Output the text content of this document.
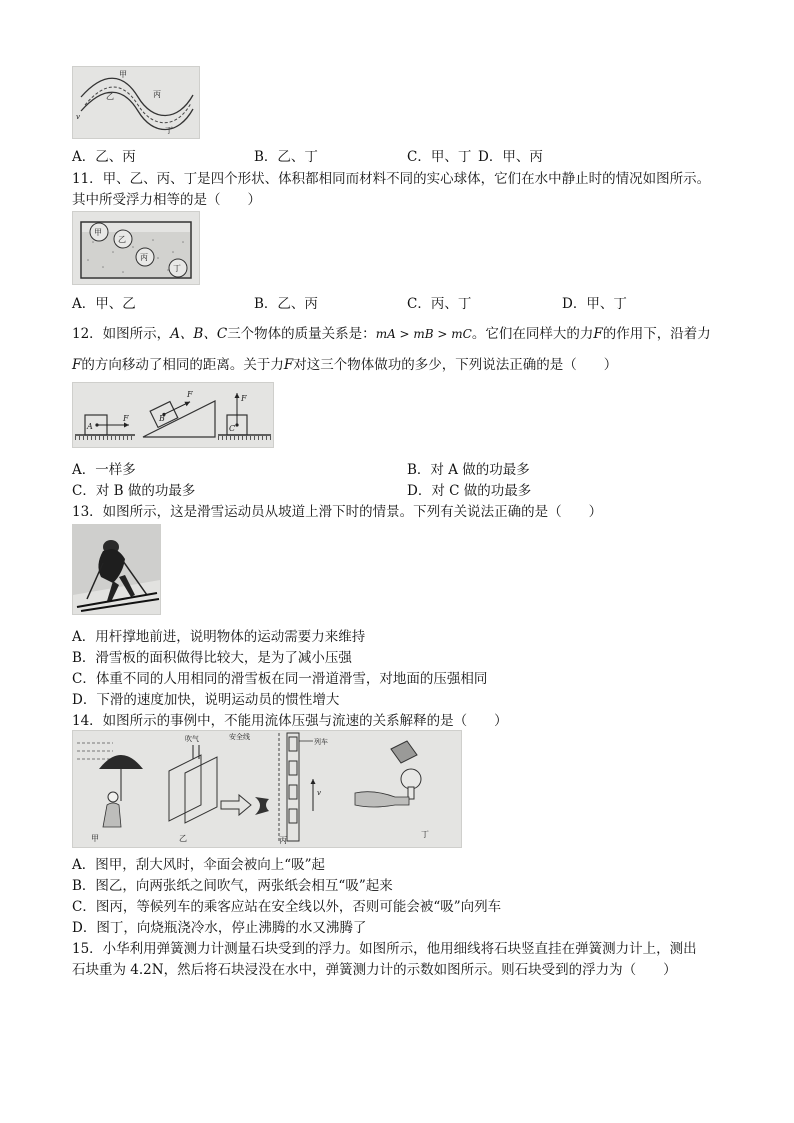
甲
乙	丙
丁
v
A．乙、丙	B．乙、丁	C．甲、丁 D．甲、丙
11．甲、乙、丙、丁是四个形状、体积都相同而材料不同的实心球体，它们在水中静止时的情况如图所示。
其中所受浮力相等的是（　　）
甲
乙
丙
丁
A．甲、乙	B．乙、丙	C．丙、丁	D．甲、丁
12．如图所示，A、B、C三个物体的质量关系是：mA > mB > mC。它们在同样大的力F的作用下，沿着力
F的方向移动了相同的距离。关于力F对这三个物体做功的多少，下列说法正确的是（　　）
A
F	B
F
C
F
A．一样多	B．对 A 做的功最多
C．对 B 做的功最多	D．对 C 做的功最多
13．如图所示，这是滑雪运动员从坡道上滑下时的情景。下列有关说法正确的是（　　）
A．用杆撑地前进，说明物体的运动需要力来维持
B．滑雪板的面积做得比较大，是为了减小压强
C．体重不同的人用相同的滑雪板在同一滑道滑雪，对地面的压强相同
D．下滑的速度加快，说明运动员的惯性增大
14．如图所示的事例中，不能用流体压强与流速的关系解释的是（　　）
甲
吹气
乙
安全线
v
列车
丙
丁
A．图甲，刮大风时，伞面会被向上“吸”起
B．图乙，向两张纸之间吹气，两张纸会相互“吸”起来
C．图丙，等候列车的乘客应站在安全线以外，否则可能会被“吸”向列车
D．图丁，向烧瓶浇冷水，停止沸腾的水又沸腾了
15．小华利用弹簧测力计测量石块受到的浮力。如图所示，他用细线将石块竖直挂在弹簧测力计上，测出
石块重为 4.2N，然后将石块浸没在水中，弹簧测力计的示数如图所示。则石块受到的浮力为（　　）
